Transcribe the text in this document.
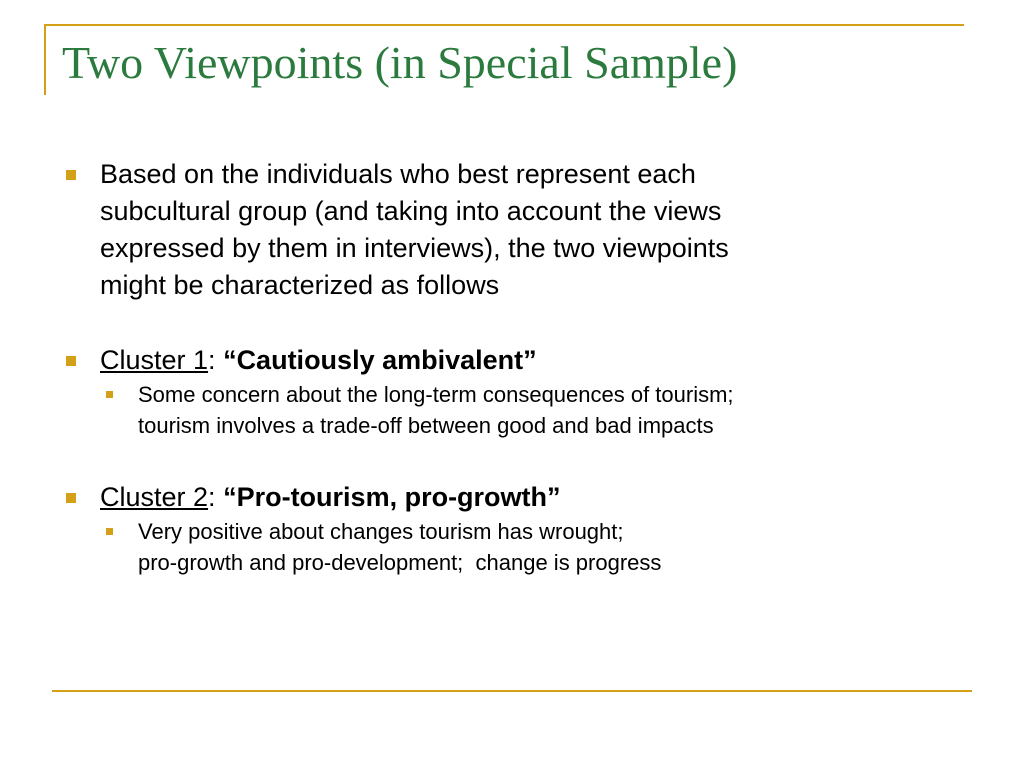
Two Viewpoints (in Special Sample)
Based on the individuals who best represent each
subcultural group (and taking into account the views
expressed by them in interviews), the two viewpoints
might be characterized as follows
Cluster 1: “Cautiously ambivalent”
Some concern about the long-term consequences of tourism;
tourism involves a trade-off between good and bad impacts
Cluster 2: “Pro-tourism, pro-growth”
Very positive about changes tourism has wrought;
pro-growth and pro-development;  change is progress
